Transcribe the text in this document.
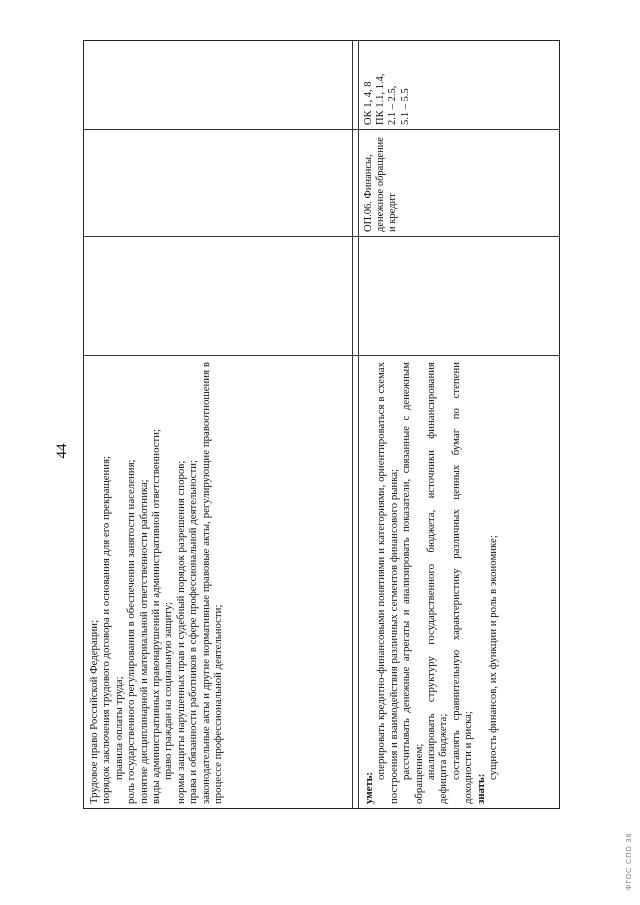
44

Трудовое право Российской Федерации; порядок заключения трудового договора и основания для его прекращения; правила оплаты труда; роль государственного регулирования в обеспечении занятости населения; понятие дисциплинарной и материальной ответственности работника; виды административных правонарушений и административной ответственности; право граждан на социальную защиту; нормы защиты нарушенных прав и судебный порядок разрешения споров; права и обязанности работников в сфере профессиональной деятельности; законодательные акты и другие нормативные правовые акты, регулирующие правоотношения в процессе профессиональной деятельности;	уметь:

оперировать кредитно-финансовыми понятиями и категориями, ориентироваться в схемах построения и взаимодействия различных сегментов финансового рынка; рассчитывать денежные агрегаты и анализировать показатели, связанные с денежным обращением; анализировать структуру государственного бюджета, источники финансирования дефицита бюджета; составлять сравнительную характеристику различных ценных бумаг по степени доходности и риска; знать:

сущность финансов, их функции и роль в экономике;

ОП.06. Финансы, денежное обращение и кредит

ОК 1, 4, 8 ПК 1.1, 1.4, 2.1 – 2.5, 5.1 – 5.5

ФГОС СПО 38
